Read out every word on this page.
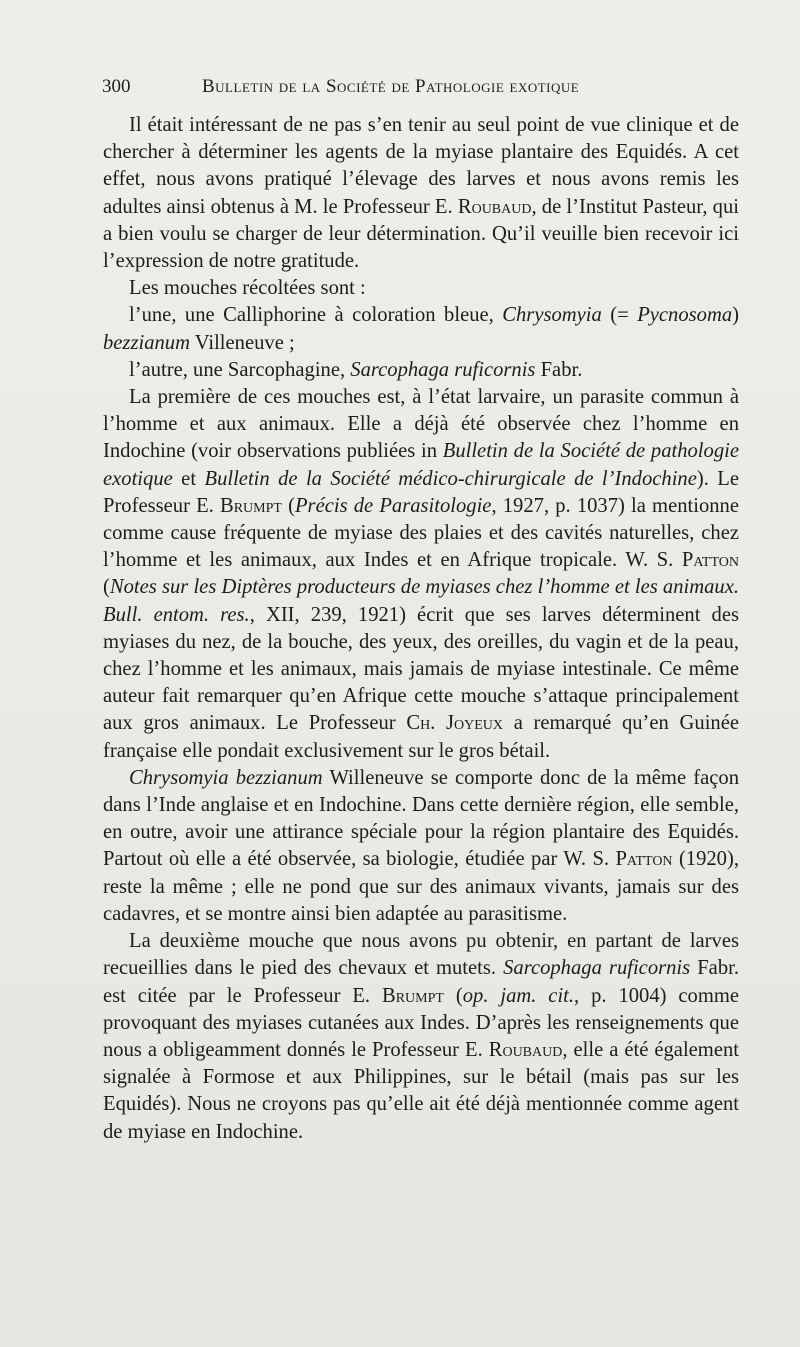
300	Bulletin de la Société de Pathologie exotique

Il était intéressant de ne pas s’en tenir au seul point de vue clinique et de chercher à déterminer les agents de la myiase plantaire des Equidés. A cet effet, nous avons pratiqué l’élevage des larves et nous avons remis les adultes ainsi obtenus à M. le Professeur E. Roubaud, de l’Institut Pasteur, qui a bien voulu se charger de leur détermination. Qu’il veuille bien recevoir ici l’expression de notre gratitude.

Les mouches récoltées sont :

l’une, une Calliphorine à coloration bleue, Chrysomyia (= Pycnosoma) bezzianum Villeneuve ;

l’autre, une Sarcophagine, Sarcophaga ruficornis Fabr.

La première de ces mouches est, à l’état larvaire, un parasite commun à l’homme et aux animaux. Elle a déjà été observée chez l’homme en Indochine (voir observations publiées in Bulletin de la Société de pathologie exotique et Bulletin de la Société médico-chirurgicale de l’Indochine). Le Professeur E. Brumpt (Précis de Parasitologie, 1927, p. 1037) la mentionne comme cause fréquente de myiase des plaies et des cavités naturelles, chez l’homme et les animaux, aux Indes et en Afrique tropicale. W. S. Patton (Notes sur les Diptères producteurs de myiases chez l’homme et les animaux. Bull. entom. res., XII, 239, 1921) écrit que ses larves déterminent des myiases du nez, de la bouche, des yeux, des oreilles, du vagin et de la peau, chez l’homme et les animaux, mais jamais de myiase intestinale. Ce même auteur fait remarquer qu’en Afrique cette mouche s’attaque principalement aux gros animaux. Le Professeur Ch. Joyeux a remarqué qu’en Guinée française elle pondait exclusivement sur le gros bétail.

Chrysomyia bezzianum Willeneuve se comporte donc de la même façon dans l’Inde anglaise et en Indochine. Dans cette dernière région, elle semble, en outre, avoir une attirance spéciale pour la région plantaire des Equidés. Partout où elle a été observée, sa biologie, étudiée par W. S. Patton (1920), reste la même ; elle ne pond que sur des animaux vivants, jamais sur des cadavres, et se montre ainsi bien adaptée au parasitisme.

La deuxième mouche que nous avons pu obtenir, en partant de larves recueillies dans le pied des chevaux et mutets. Sarcophaga ruficornis Fabr. est citée par le Professeur E. Brumpt (op. jam. cit., p. 1004) comme provoquant des myiases cutanées aux Indes. D’après les renseignements que nous a obligeamment donnés le Professeur E. Roubaud, elle a été également signalée à Formose et aux Philippines, sur le bétail (mais pas sur les Equidés). Nous ne croyons pas qu’elle ait été déjà mentionnée comme agent de myiase en Indochine.
